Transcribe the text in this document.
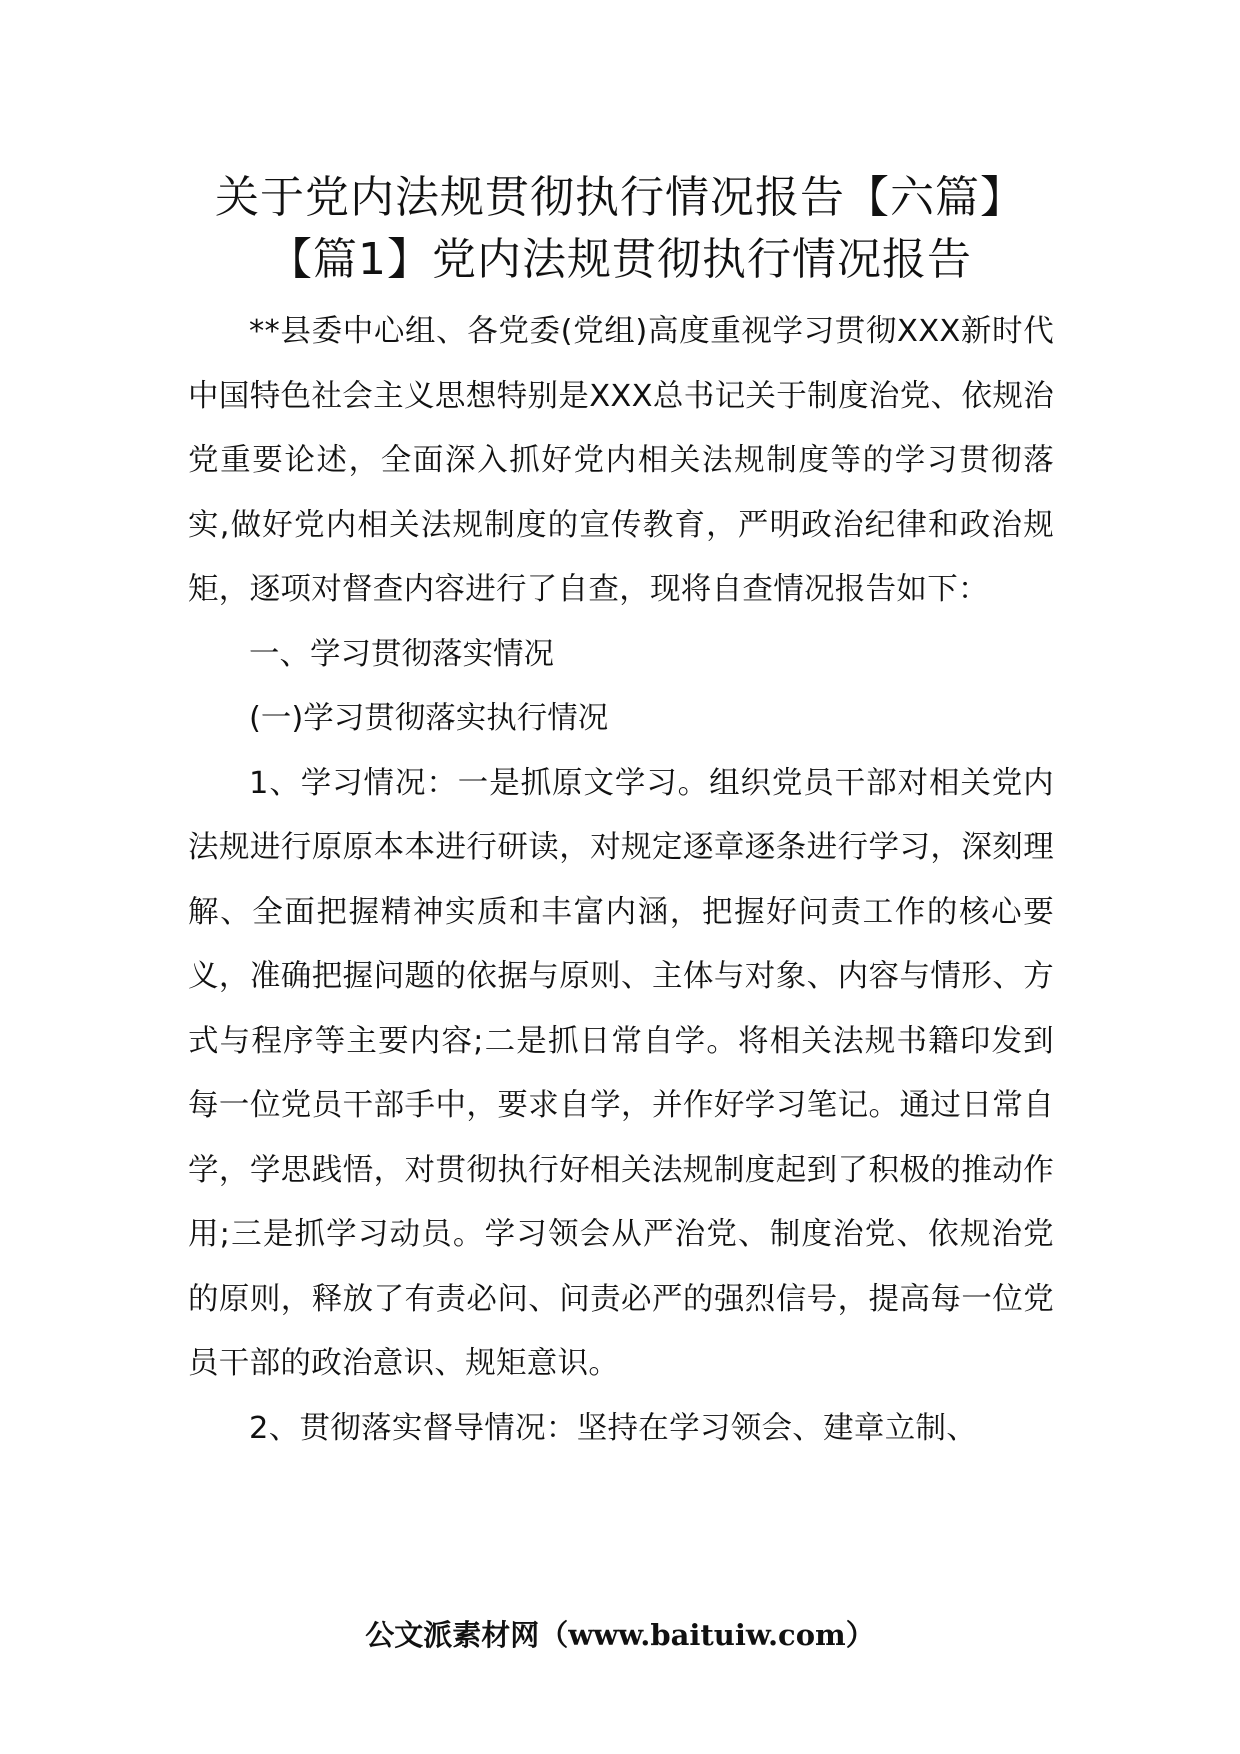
关于党内法规贯彻执行情况报告【六篇】
【篇1】党内法规贯彻执行情况报告

**县委中心组、各党委(党组)高度重视学习贯彻XXX新时代中国特色社会主义思想特别是XXX总书记关于制度治党、依规治党重要论述，全面深入抓好党内相关法规制度等的学习贯彻落实,做好党内相关法规制度的宣传教育，严明政治纪律和政治规矩，逐项对督查内容进行了自查，现将自查情况报告如下：

一、学习贯彻落实情况

(一)学习贯彻落实执行情况

1、学习情况：一是抓原文学习。组织党员干部对相关党内法规进行原原本本进行研读，对规定逐章逐条进行学习，深刻理解、全面把握精神实质和丰富内涵，把握好问责工作的核心要义，准确把握问题的依据与原则、主体与对象、内容与情形、方式与程序等主要内容;二是抓日常自学。将相关法规书籍印发到每一位党员干部手中，要求自学，并作好学习笔记。通过日常自学，学思践悟，对贯彻执行好相关法规制度起到了积极的推动作用;三是抓学习动员。学习领会从严治党、制度治党、依规治党的原则，释放了有责必问、问责必严的强烈信号，提高每一位党员干部的政治意识、规矩意识。

2、贯彻落实督导情况：坚持在学习领会、建章立制、

公文派素材网（www.baituiw.com）
